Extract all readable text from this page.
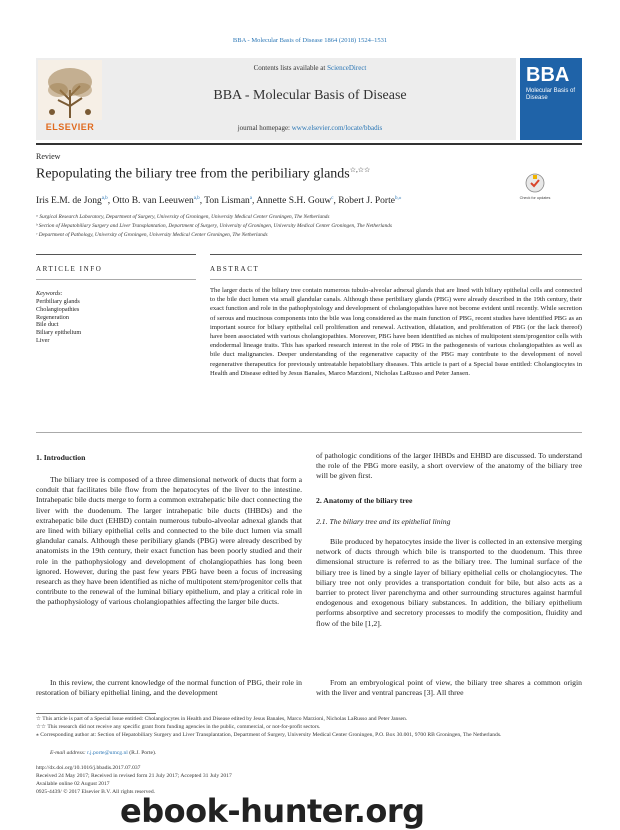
BBA - Molecular Basis of Disease 1864 (2018) 1524–1531
ELSEVIER
Contents lists available at ScienceDirect
BBA - Molecular Basis of Disease
journal homepage: www.elsevier.com/locate/bbadis
BBA
Molecular Basis of Disease
Review
Repopulating the biliary tree from the peribiliary glands☆,☆☆
Check for updates
Iris E.M. de Jong$^{a,b}$, Otto B. van Leeuwen$^{a,b}$, Ton Lisman$^a$, Annette S.H. Gouw$^c$, Robert J. Porte$^{b,⁎}$
ᵃ Surgical Research Laboratory, Department of Surgery, University of Groningen, University Medical Center Groningen, The Netherlands
ᵇ Section of Hepatobiliary Surgery and Liver Transplantation, Department of Surgery, University of Groningen, University Medical Center Groningen, The Netherlands
ᶜ Department of Pathology, University of Groningen, University Medical Center Groningen, The Netherlands
ARTICLE INFO	ABSTRACT
Keywords:
Peribiliary glands
Cholangiopathies
Regeneration
Bile duct
Biliary epithelium
Liver
The larger ducts of the biliary tree contain numerous tubulo-alveolar adnexal glands that are lined with biliary epithelial cells and connected to the bile duct lumen via small glandular canals. Although these peribiliary glands (PBG) were already described in the 19th century, their exact function and role in the pathophysiology and development of cholangiopathies have not become evident until recently. While secretion of serous and mucinous components into the bile was long considered as the main function of PBG, recent studies have identified PBG as an important source for biliary epithelial cell proliferation and renewal. Activation, dilatation, and proliferation of PBG (or the lack thereof) have been associated with various cholangiopathies. Moreover, PBG have been identified as niches of multipotent stem/progenitor cells with endodermal lineage traits. This has sparked research interest in the role of PBG in the pathogenesis of various cholangiopathies as well as bile duct malignancies. Deeper understanding of the regenerative capacity of the PBG may contribute to the development of novel regenerative therapeutics for previously untreatable hepatobiliary diseases. This article is part of a Special Issue entitled: Cholangiocytes in Health and Disease edited by Jesus Banales, Marco Marzioni, Nicholas LaRusso and Peter Jansen.
1. Introduction
The biliary tree is composed of a three dimensional network of ducts that form a conduit that facilitates bile flow from the hepatocytes of the liver to the intestine. Intrahepatic bile ducts merge to form a common extrahepatic bile duct connecting the liver with the duodenum. The larger intrahepatic bile ducts (IHBDs) and the extrahepatic bile duct (EHBD) contain numerous tubulo-alveolar adnexal glands that are lined with biliary epithelial cells and connected to the bile duct lumen via small glandular canals. Although these peribiliary glands (PBG) were already described by anatomists in the 19th century, their exact function has been poorly studied and their role in the pathophysiology and development of cholangiopathies has long been ignored. However, during the past few years PBG have been a focus of increasing research as they have been identified as niche of multipotent stem/progenitor cells that contribute to the renewal of the luminal biliary epithelium, and play a critical role in the pathophysiology of various cholangiopathies affecting the larger bile ducts.
In this review, the current knowledge of the normal function of PBG, their role in restoration of biliary epithelial lining, and the development
of pathologic conditions of the larger IHBDs and EHBD are discussed. To understand the role of the PBG more easily, a short overview of the anatomy of the biliary tree will be given first.
2. Anatomy of the biliary tree
2.1. The biliary tree and its epithelial lining
Bile produced by hepatocytes inside the liver is collected in an extensive merging network of ducts through which bile is transported to the duodenum. This three dimensional structure is referred to as the biliary tree. The luminal surface of the biliary tree is lined by a single layer of biliary epithelial cells or cholangiocytes. The biliary tree not only provides a transportation conduit for bile, but also acts as a barrier to protect liver parenchyma and other surrounding structures against harmful endogenous and exogenous biliary substances. In addition, the biliary epithelium performs absorptive and secretory processes to modify the composition, fluidity and flow of the bile [1,2].
From an embryological point of view, the biliary tree shares a common origin with the liver and ventral pancreas [3]. All three
☆ This article is part of a Special Issue entitled: Cholangiocytes in Health and Disease edited by Jesus Banales, Marco Marzioni, Nicholas LaRusso and Peter Jansen.
☆☆ This research did not receive any specific grant from funding agencies in the public, commercial, or not-for-profit sectors.
⁎ Corresponding author at: Section of Hepatobiliary Surgery and Liver Transplantation, Department of Surgery, University Medical Center Groningen, P.O. Box 30.001, 9700 RB Groningen, The Netherlands.
E-mail address: r.j.porte@umcg.nl (R.J. Porte).
http://dx.doi.org/10.1016/j.bbadis.2017.07.037
Received 24 May 2017; Received in revised form 21 July 2017; Accepted 31 July 2017
Available online 02 August 2017
0925-4439/ © 2017 Elsevier B.V. All rights reserved.
ebook-hunter.org
